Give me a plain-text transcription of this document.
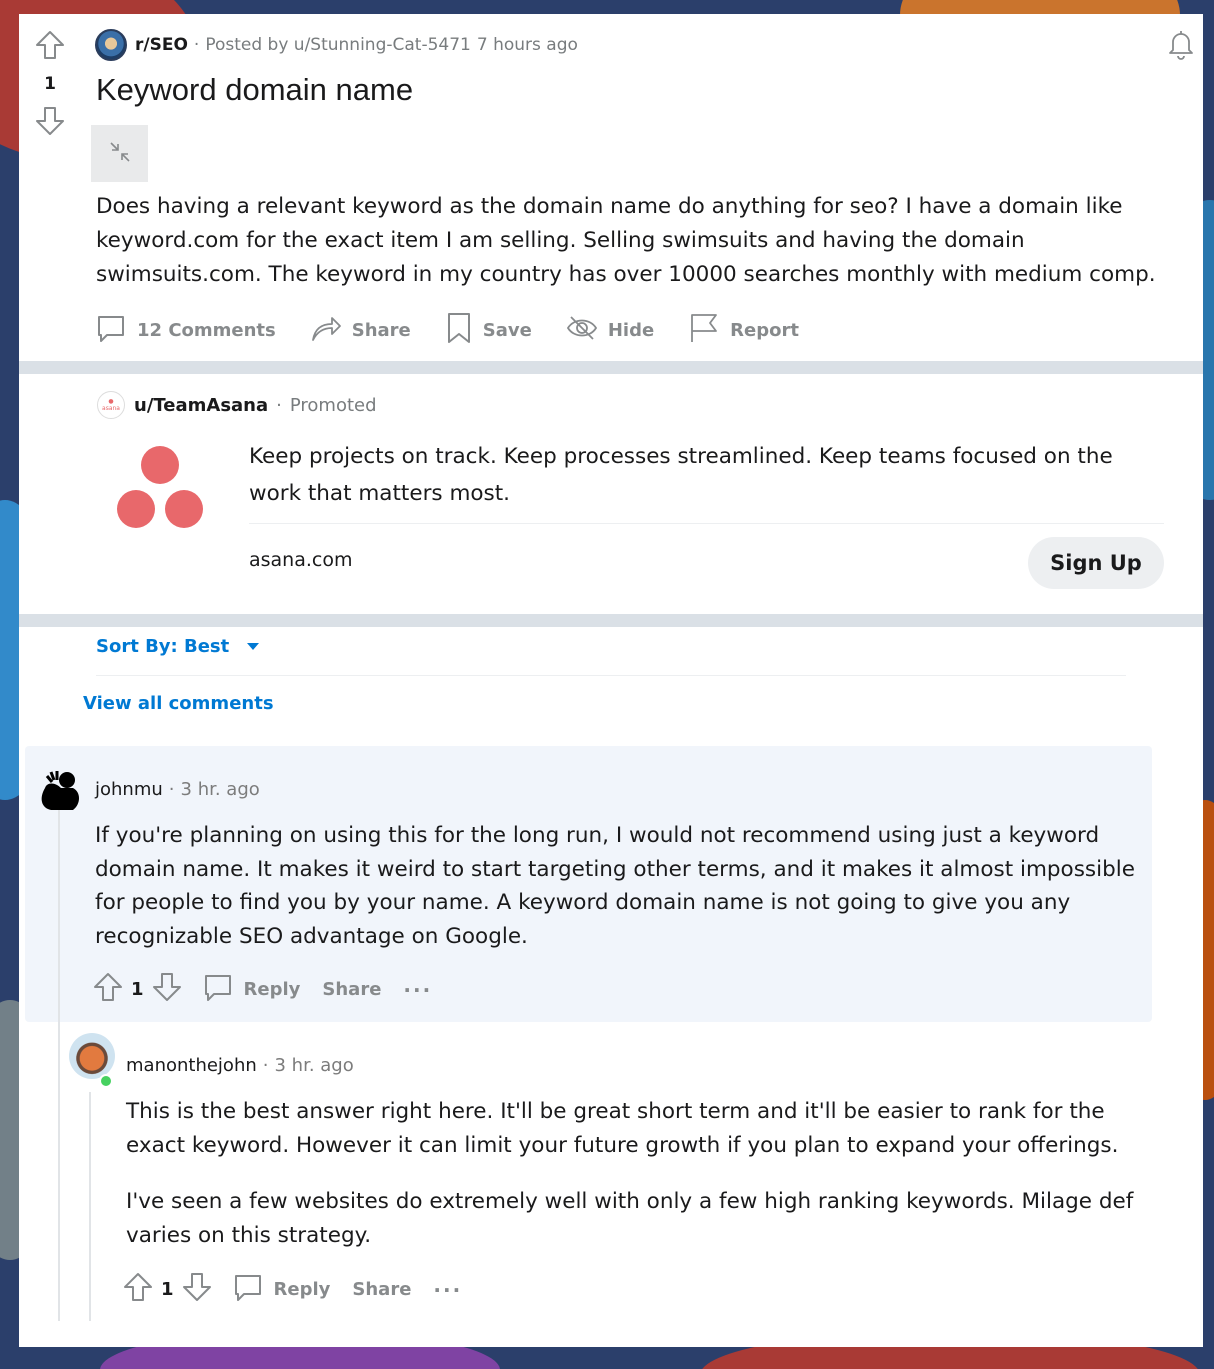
1
r/SEO · Posted by u/Stunning-Cat-5471 7 hours ago
Keyword domain name
Does having a relevant keyword as the domain name do anything for seo? I have a domain like keyword.com for the exact item I am selling. Selling swimsuits and having the domain swimsuits.com. The keyword in my country has over 10000 searches monthly with medium comp.
12 Comments	Share	Save	Hide	Report
●
asana u/TeamAsana · Promoted
Keep projects on track. Keep processes streamlined. Keep teams focused on the work that matters most.
asana.com	Sign Up
Sort By: Best
View all comments
johnmu · 3 hr. ago

If you're planning on using this for the long run, I would not recommend using just a keyword domain name. It makes it weird to start targeting other terms, and it makes it almost impossible for people to find you by your name. A keyword domain name is not going to give you any recognizable SEO advantage on Google.

1	Reply Share ···
manonthejohn · 3 hr. ago

This is the best answer right here. It'll be great short term and it'll be easier to rank for the exact keyword. However it can limit your future growth if you plan to expand your offerings.

I've seen a few websites do extremely well with only a few high ranking keywords. Milage def varies on this strategy.

1	Reply Share ···
